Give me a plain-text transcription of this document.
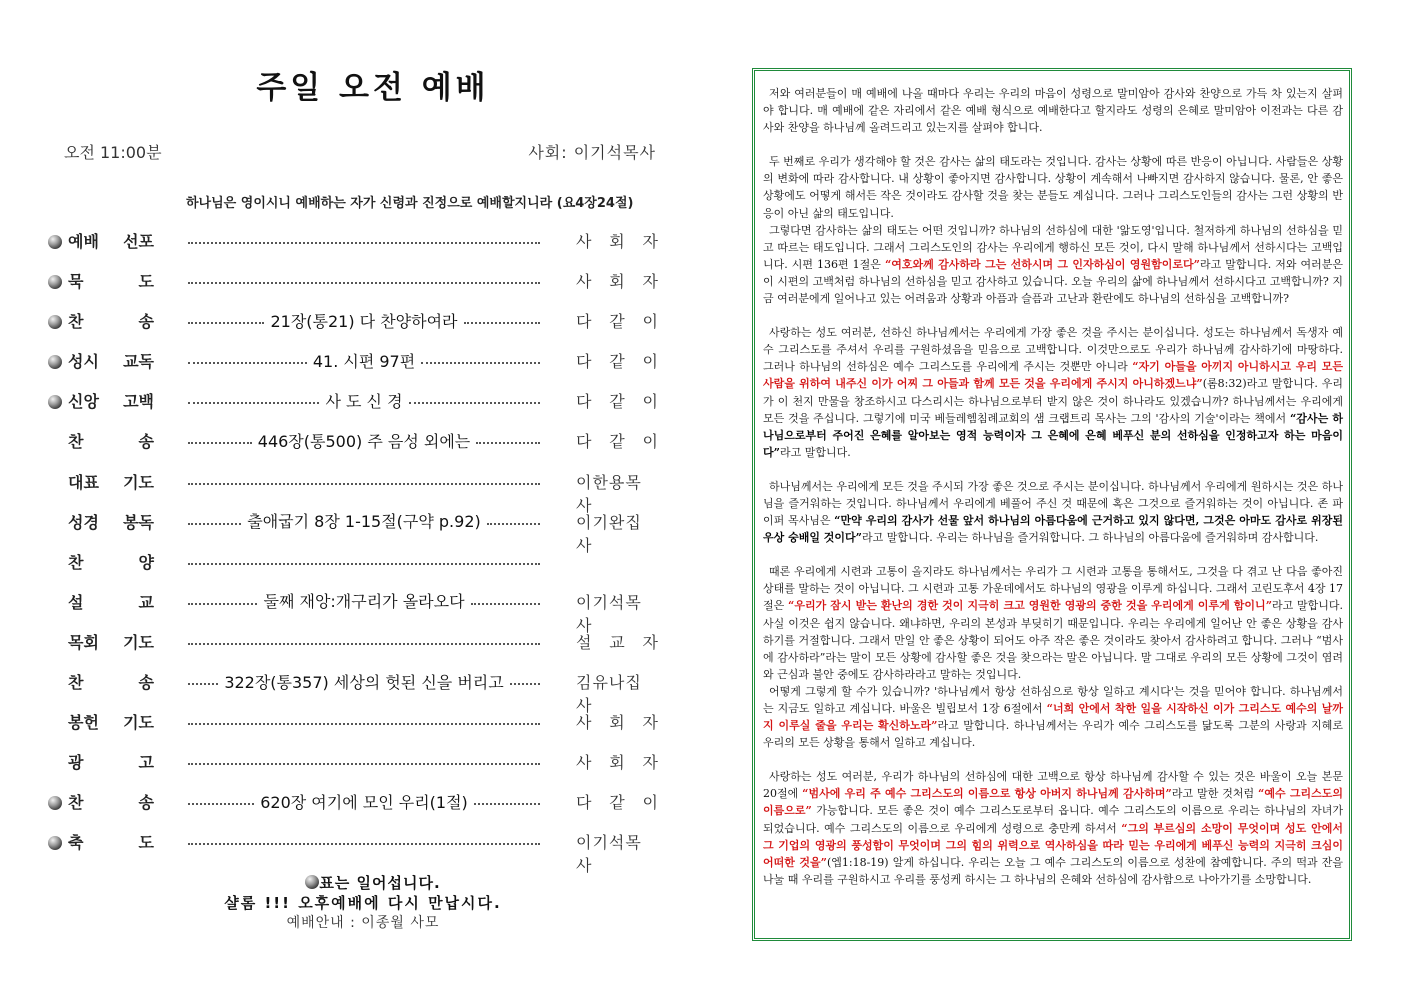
주일 오전 예배
오전 11:00분	사회: 이기석목사
하나님은 영이시니 예배하는 자가 신령과 진정으로 예배할지니라 (요4장24절)
예배 선포	사 회 자
묵	도	사 회 자
찬	송	21장(통21) 다 찬양하여라	다 같 이
성시 교독	41. 시편 97편	다 같 이
신앙 고백	사 도 신 경	다 같 이
찬	송	446장(통500) 주 음성 외에는	다 같 이
대표 기도	이한용목사
성경 봉독	출애굽기 8장 1-15절(구약 p.92)	이기완집사
찬	양
설	교	둘째 재앙:개구리가 올라오다	이기석목사
목회 기도	설 교 자
찬	송	322장(통357) 세상의 헛된 신을 버리고	김유나집사
봉헌 기도	사 회 자
광	고	사 회 자
찬	송	620장 여기에 모인 우리(1절)	다 같 이
축	도	이기석목사
표는 일어섭니다.
샬롬 !!! 오후예배에 다시 만납시다.
예배안내 : 이종월 사모

저와 여러분들이 매 예배에 나올 때마다 우리는 우리의 마음이 성령으로 말미암아 감사와 찬양으로 가득 차 있는지 살펴야 합니다. 매 예배에 같은 자리에서 같은 예배 형식으로 예배한다고 할지라도 성령의 은혜로 말미암아 이전과는 다른 감사와 찬양을 하나님께 올려드리고 있는지를 살펴야 합니다.

두 번째로 우리가 생각해야 할 것은 감사는 삶의 태도라는 것입니다. 감사는 상황에 따른 반응이 아닙니다. 사람들은 상황의 변화에 따라 감사합니다. 내 상황이 좋아지면 감사합니다. 상황이 계속해서 나빠지면 감사하지 않습니다. 물론, 안 좋은 상황에도 어떻게 해서든 작은 것이라도 감사할 것을 찾는 분들도 계십니다. 그러나 그리스도인들의 감사는 그런 상황의 반응이 아닌 삶의 태도입니다.

그렇다면 감사하는 삶의 태도는 어떤 것입니까? 하나님의 선하심에 대한 '앎도영'입니다. 철저하게 하나님의 선하심을 믿고 따르는 태도입니다. 그래서 그리스도인의 감사는 우리에게 행하신 모든 것이, 다시 말해 하나님께서 선하시다는 고백입니다. 시편 136편 1절은 “여호와께 감사하라 그는 선하시며 그 인자하심이 영원함이로다”라고 말합니다. 저와 여러분은 이 시편의 고백처럼 하나님의 선하심을 믿고 감사하고 있습니다. 오늘 우리의 삶에 하나님께서 선하시다고 고백합니까? 지금 여러분에게 일어나고 있는 어려움과 상황과 아픔과 슬픔과 고난과 환란에도 하나님의 선하심을 고백합니까?

사랑하는 성도 여러분, 선하신 하나님께서는 우리에게 가장 좋은 것을 주시는 분이십니다. 성도는 하나님께서 독생자 예수 그리스도를 주셔서 우리를 구원하셨음을 믿음으로 고백합니다. 이것만으로도 우리가 하나님께 감사하기에 마땅하다. 그러나 하나님의 선하심은 예수 그리스도를 우리에게 주시는 것뿐만 아니라 “자기 아들을 아끼지 아니하시고 우리 모든 사람을 위하여 내주신 이가 어찌 그 아들과 함께 모든 것을 우리에게 주시지 아니하겠느냐”(롬8:32)라고 말합니다. 우리가 이 천지 만물을 창조하시고 다스리시는 하나님으로부터 받지 않은 것이 하나라도 있겠습니까? 하나님께서는 우리에게 모든 것을 주십니다. 그렇기에 미국 베들레헴침례교회의 샘 크랩트리 목사는 그의 '감사의 기술'이라는 책에서 “감사는 하나님으로부터 주어진 은혜를 알아보는 영적 능력이자 그 은혜에 은혜 베푸신 분의 선하심을 인정하고자 하는 마음이다”라고 말합니다.

하나님께서는 우리에게 모든 것을 주시되 가장 좋은 것으로 주시는 분이십니다. 하나님께서 우리에게 원하시는 것은 하나님을 즐거워하는 것입니다. 하나님께서 우리에게 베풀어 주신 것 때문에 혹은 그것으로 즐거워하는 것이 아닙니다. 존 파이퍼 목사님은 “만약 우리의 감사가 선물 앞서 하나님의 아름다움에 근거하고 있지 않다면, 그것은 아마도 감사로 위장된 우상 숭배일 것이다”라고 말합니다. 우리는 하나님을 즐거워합니다. 그 하나님의 아름다움에 즐거워하며 감사합니다.

때론 우리에게 시련과 고통이 올지라도 하나님께서는 우리가 그 시련과 고통을 통해서도, 그것을 다 겪고 난 다음 좋아진 상태를 말하는 것이 아닙니다. 그 시련과 고통 가운데에서도 하나님의 영광을 이루게 하십니다. 그래서 고린도후서 4장 17절은 “우리가 잠시 받는 환난의 경한 것이 지극히 크고 영원한 영광의 중한 것을 우리에게 이루게 함이니”라고 말합니다. 사실 이것은 쉽지 않습니다. 왜냐하면, 우리의 본성과 부딪히기 때문입니다. 우리는 우리에게 일어난 안 좋은 상황을 감사하기를 거절합니다. 그래서 만일 안 좋은 상황이 되어도 아주 작은 좋은 것이라도 찾아서 감사하려고 합니다. 그러나 “범사에 감사하라”라는 말이 모든 상황에 감사할 좋은 것을 찾으라는 말은 아닙니다. 말 그대로 우리의 모든 상황에 그것이 염려와 근심과 불안 중에도 감사하라라고 말하는 것입니다.

어떻게 그렇게 할 수가 있습니까? '하나님께서 항상 선하심으로 항상 일하고 계시다'는 것을 믿어야 합니다. 하나님께서는 지금도 일하고 계십니다. 바울은 빌립보서 1장 6절에서 “너희 안에서 착한 일을 시작하신 이가 그리스도 예수의 날까지 이루실 줄을 우리는 확신하노라”라고 말합니다. 하나님께서는 우리가 예수 그리스도를 닮도록 그분의 사랑과 지혜로 우리의 모든 상황을 통해서 일하고 계십니다.

사랑하는 성도 여러분, 우리가 하나님의 선하심에 대한 고백으로 항상 하나님께 감사할 수 있는 것은 바울이 오늘 본문 20절에 “범사에 우리 주 예수 그리스도의 이름으로 항상 아버지 하나님께 감사하며”라고 말한 것처럼 “예수 그리스도의 이름으로” 가능합니다. 모든 좋은 것이 예수 그리스도로부터 옵니다. 예수 그리스도의 이름으로 우리는 하나님의 자녀가 되었습니다. 예수 그리스도의 이름으로 우리에게 성령으로 충만케 하셔서 “그의 부르심의 소망이 무엇이며 성도 안에서 그 기업의 영광의 풍성함이 무엇이며 그의 힘의 위력으로 역사하심을 따라 믿는 우리에게 베푸신 능력의 지극히 크심이 어떠한 것을”(엡1:18-19) 알게 하십니다. 우리는 오늘 그 예수 그리스도의 이름으로 성찬에 참예합니다. 주의 떡과 잔을 나눌 때 우리를 구원하시고 우리를 풍성케 하시는 그 하나님의 은혜와 선하심에 감사함으로 나아가기를 소망합니다.
